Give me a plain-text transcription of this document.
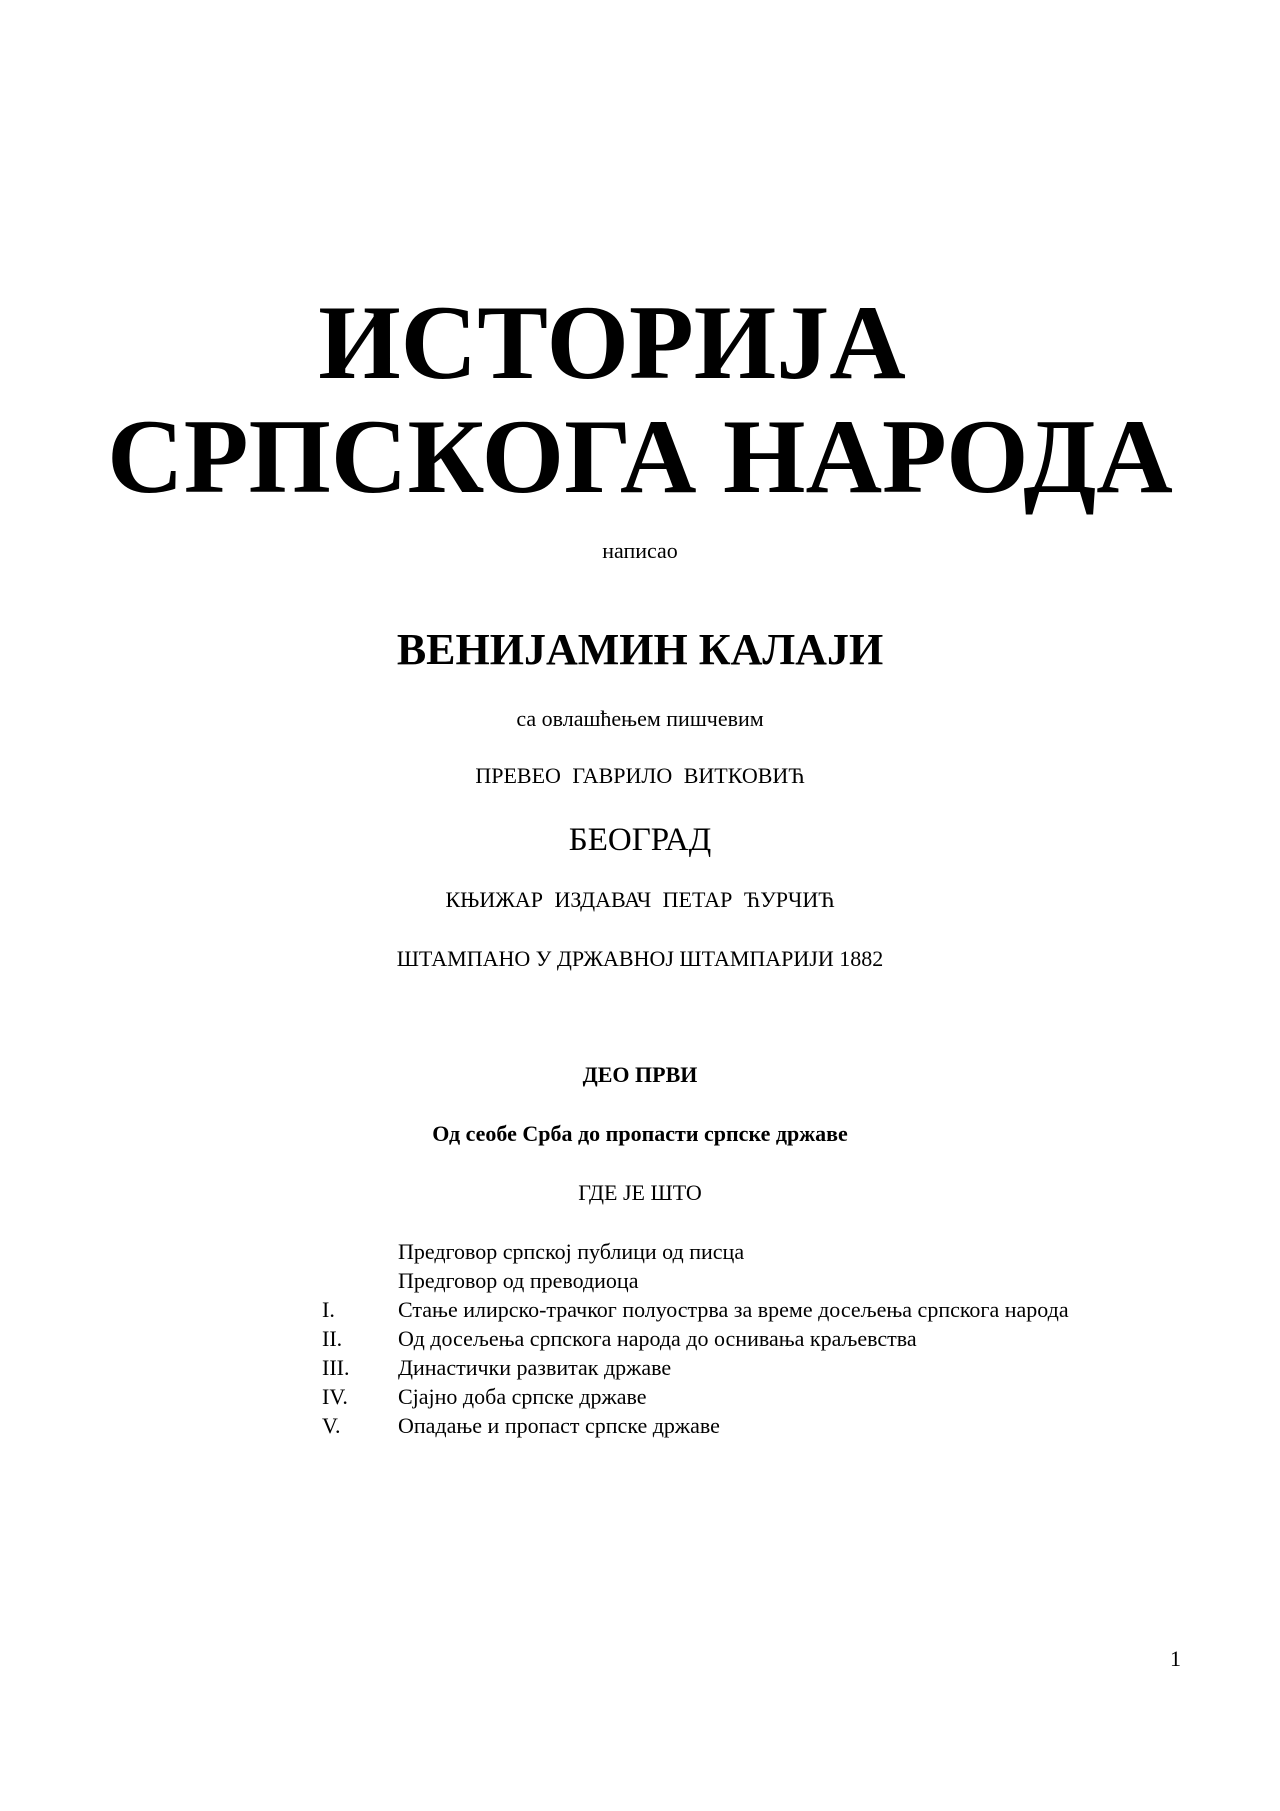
ИСТОРИЈА
СРПСКОГА НАРОДА
написао
ВЕНИЈАМИН КАЛАЈИ
са овлашћењем пишчевим
ПРЕВЕО ГАВРИЛО ВИТКОВИЋ
БЕОГРАД
КЊИЖАР ИЗДАВАЧ ПЕТАР ЋУРЧИЋ
ШТАМПАНО У ДРЖАВНОЈ ШТАМПАРИЈИ 1882
ДЕО ПРВИ
Од сеобе Срба до пропасти српске државе
ГДЕ ЈЕ ШТО
Предговор српској публици од писца
Предговор од преводиоца
I.	Стање илирско-трачког полуострва за време досељења српскога народа
II.	Од досељења српскога народа до оснивања краљевства
III. Династички развитак државе
IV. Сјајно доба српске државе
V.	Опадање и пропаст српске државе
1
